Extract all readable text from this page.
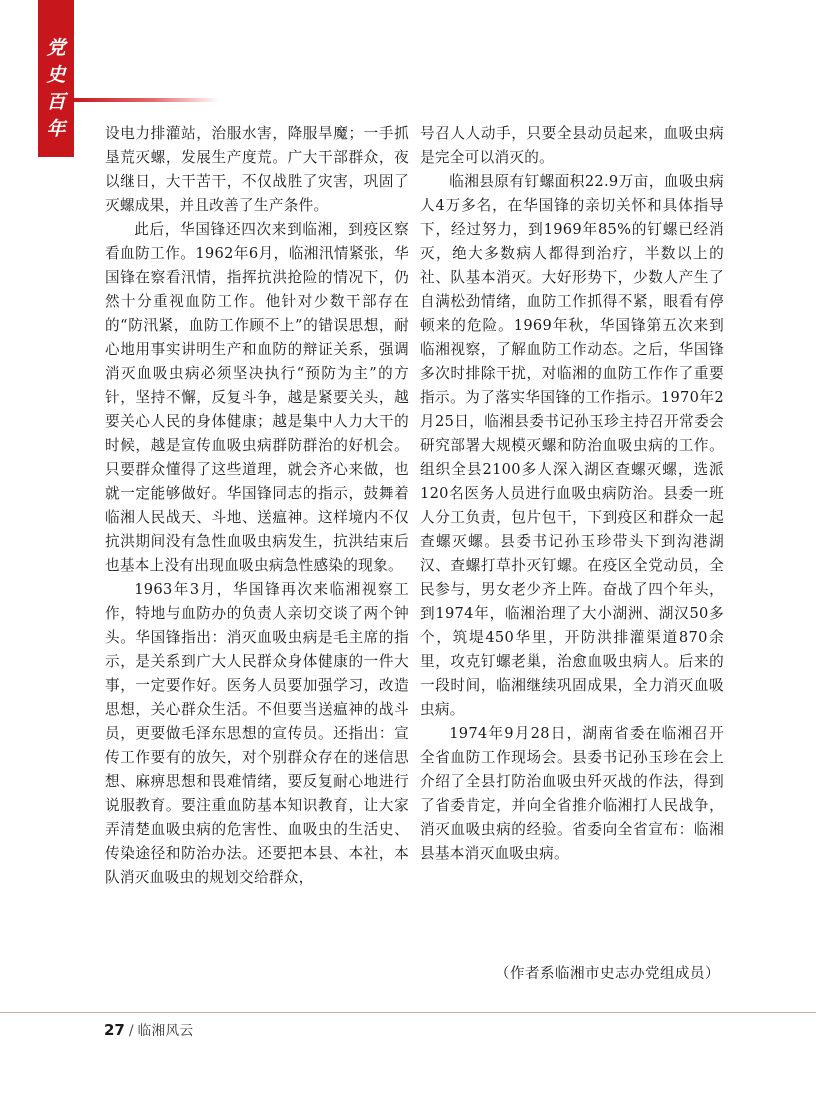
党
史
百
年	设电力排灌站，治服水害，降服旱魔；一手抓垦荒灭螺，发展生产度荒。广大干部群众，夜以继日，大干苦干，不仅战胜了灾害，巩固了灭螺成果，并且改善了生产条件。

此后，华国锋还四次来到临湘，到疫区察看血防工作。1962年6月，临湘汛情紧张，华国锋在察看汛情，指挥抗洪抢险的情况下，仍然十分重视血防工作。他针对少数干部存在的“防汛紧，血防工作顾不上”的错误思想，耐心地用事实讲明生产和血防的辩证关系，强调消灭血吸虫病必须坚决执行“预防为主”的方针，坚持不懈，反复斗争，越是紧要关头，越要关心人民的身体健康；越是集中人力大干的时候，越是宣传血吸虫病群防群治的好机会。只要群众懂得了这些道理，就会齐心来做，也就一定能够做好。华国锋同志的指示，鼓舞着临湘人民战天、斗地、送瘟神。这样境内不仅抗洪期间没有急性血吸虫病发生，抗洪结束后也基本上没有出现血吸虫病急性感染的现象。

1963年3月，华国锋再次来临湘视察工作，特地与血防办的负责人亲切交谈了两个钟头。华国锋指出：消灭血吸虫病是毛主席的指示，是关系到广大人民群众身体健康的一件大事，一定要作好。医务人员要加强学习，改造思想，关心群众生活。不但要当送瘟神的战斗员，更要做毛泽东思想的宣传员。还指出：宣传工作要有的放矢，对个别群众存在的迷信思想、麻痹思想和畏难情绪，要反复耐心地进行说服教育。要注重血防基本知识教育，让大家弄清楚血吸虫病的危害性、血吸虫的生活史、传染途径和防治办法。还要把本县、本社，本队消灭血吸虫的规划交给群众，

号召人人动手，只要全县动员起来，血吸虫病是完全可以消灭的。

临湘县原有钉螺面积22.9万亩，血吸虫病人4万多名，在华国锋的亲切关怀和具体指导下，经过努力，到1969年85%的钉螺已经消灭，绝大多数病人都得到治疗，半数以上的社、队基本消灭。大好形势下，少数人产生了自满松劲情绪，血防工作抓得不紧，眼看有停顿来的危险。1969年秋，华国锋第五次来到临湘视察，了解血防工作动态。之后，华国锋多次时排除干扰，对临湘的血防工作作了重要指示。为了落实华国锋的工作指示。1970年2月25日，临湘县委书记孙玉珍主持召开常委会研究部署大规模灭螺和防治血吸虫病的工作。组织全县2100多人深入湖区查螺灭螺，选派120名医务人员进行血吸虫病防治。县委一班人分工负责，包片包干，下到疫区和群众一起查螺灭螺。县委书记孙玉珍带头下到沟港湖汉、查螺打草扑灭钉螺。在疫区全党动员，全民参与，男女老少齐上阵。奋战了四个年头，到1974年，临湘治理了大小湖洲、湖汉50多个，筑堤450华里，开防洪排灌渠道870余里，攻克钉螺老巢，治愈血吸虫病人。后来的一段时间，临湘继续巩固成果，全力消灭血吸虫病。

1974年9月28日，湖南省委在临湘召开全省血防工作现场会。县委书记孙玉珍在会上介绍了全县打防治血吸虫歼灭战的作法，得到了省委肯定，并向全省推介临湘打人民战争，消灭血吸虫病的经验。省委向全省宣布：临湘县基本消灭血吸虫病。

（作者系临湘市史志办党组成员）
27 / 临湘风云
